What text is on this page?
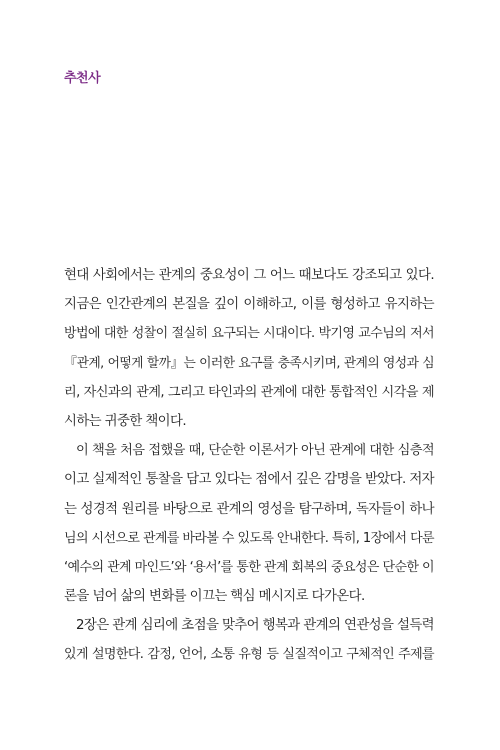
추천사
현대 사회에서는 관계의 중요성이 그 어느 때보다도 강조되고 있다.
지금은 인간관계의 본질을 깊이 이해하고, 이를 형성하고 유지하는
방법에 대한 성찰이 절실히 요구되는 시대이다. 박기영 교수님의 저서
『관계, 어떻게 할까』는 이러한 요구를 충족시키며, 관계의 영성과 심
리, 자신과의 관계, 그리고 타인과의 관계에 대한 통합적인 시각을 제
시하는 귀중한 책이다.
이 책을 처음 접했을 때, 단순한 이론서가 아닌 관계에 대한 심층적
이고 실제적인 통찰을 담고 있다는 점에서 깊은 감명을 받았다. 저자
는 성경적 원리를 바탕으로 관계의 영성을 탐구하며, 독자들이 하나
님의 시선으로 관계를 바라볼 수 있도록 안내한다. 특히, 1장에서 다룬
‘예수의 관계 마인드’와 ‘용서’를 통한 관계 회복의 중요성은 단순한 이
론을 넘어 삶의 변화를 이끄는 핵심 메시지로 다가온다.
2장은 관계 심리에 초점을 맞추어 행복과 관계의 연관성을 설득력
있게 설명한다. 감정, 언어, 소통 유형 등 실질적이고 구체적인 주제를
